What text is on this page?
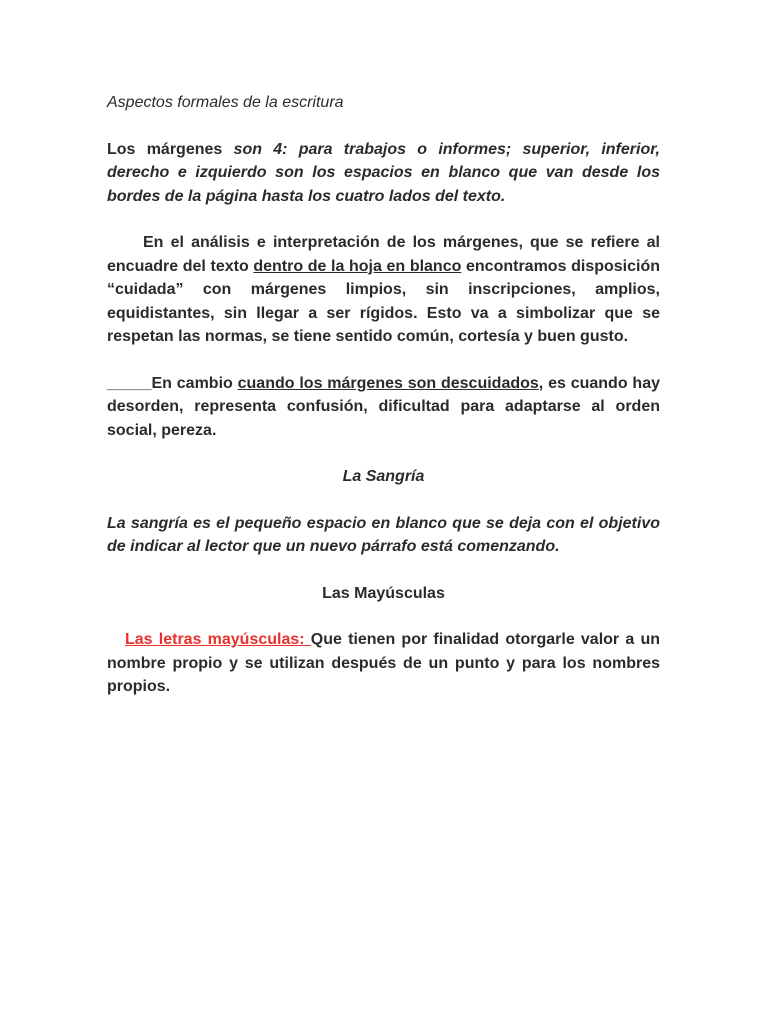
Aspectos formales de la escritura

Los márgenes son 4: para trabajos o informes; superior, inferior, derecho e izquierdo son los espacios en blanco que van desde los bordes de la página hasta los cuatro lados del texto.

En el análisis e interpretación de los márgenes, que se refiere al encuadre del texto dentro de la hoja en blanco encontramos disposición “cuidada” con márgenes limpios, sin inscripciones, amplios, equidistantes, sin llegar a ser rígidos. Esto va a simbolizar que se respetan las normas, se tiene sentido común, cortesía y buen gusto.

_____En cambio cuando los márgenes son descuidados, es cuando hay desorden, representa confusión, dificultad para adaptarse al orden social, pereza.

La Sangría

La sangría es el pequeño espacio en blanco que se deja con el objetivo de indicar al lector que un nuevo párrafo está comenzando.

Las Mayúsculas

Las letras mayúsculas: Que tienen por finalidad otorgarle valor a un nombre propio y se utilizan después de un punto y para los nombres propios.
